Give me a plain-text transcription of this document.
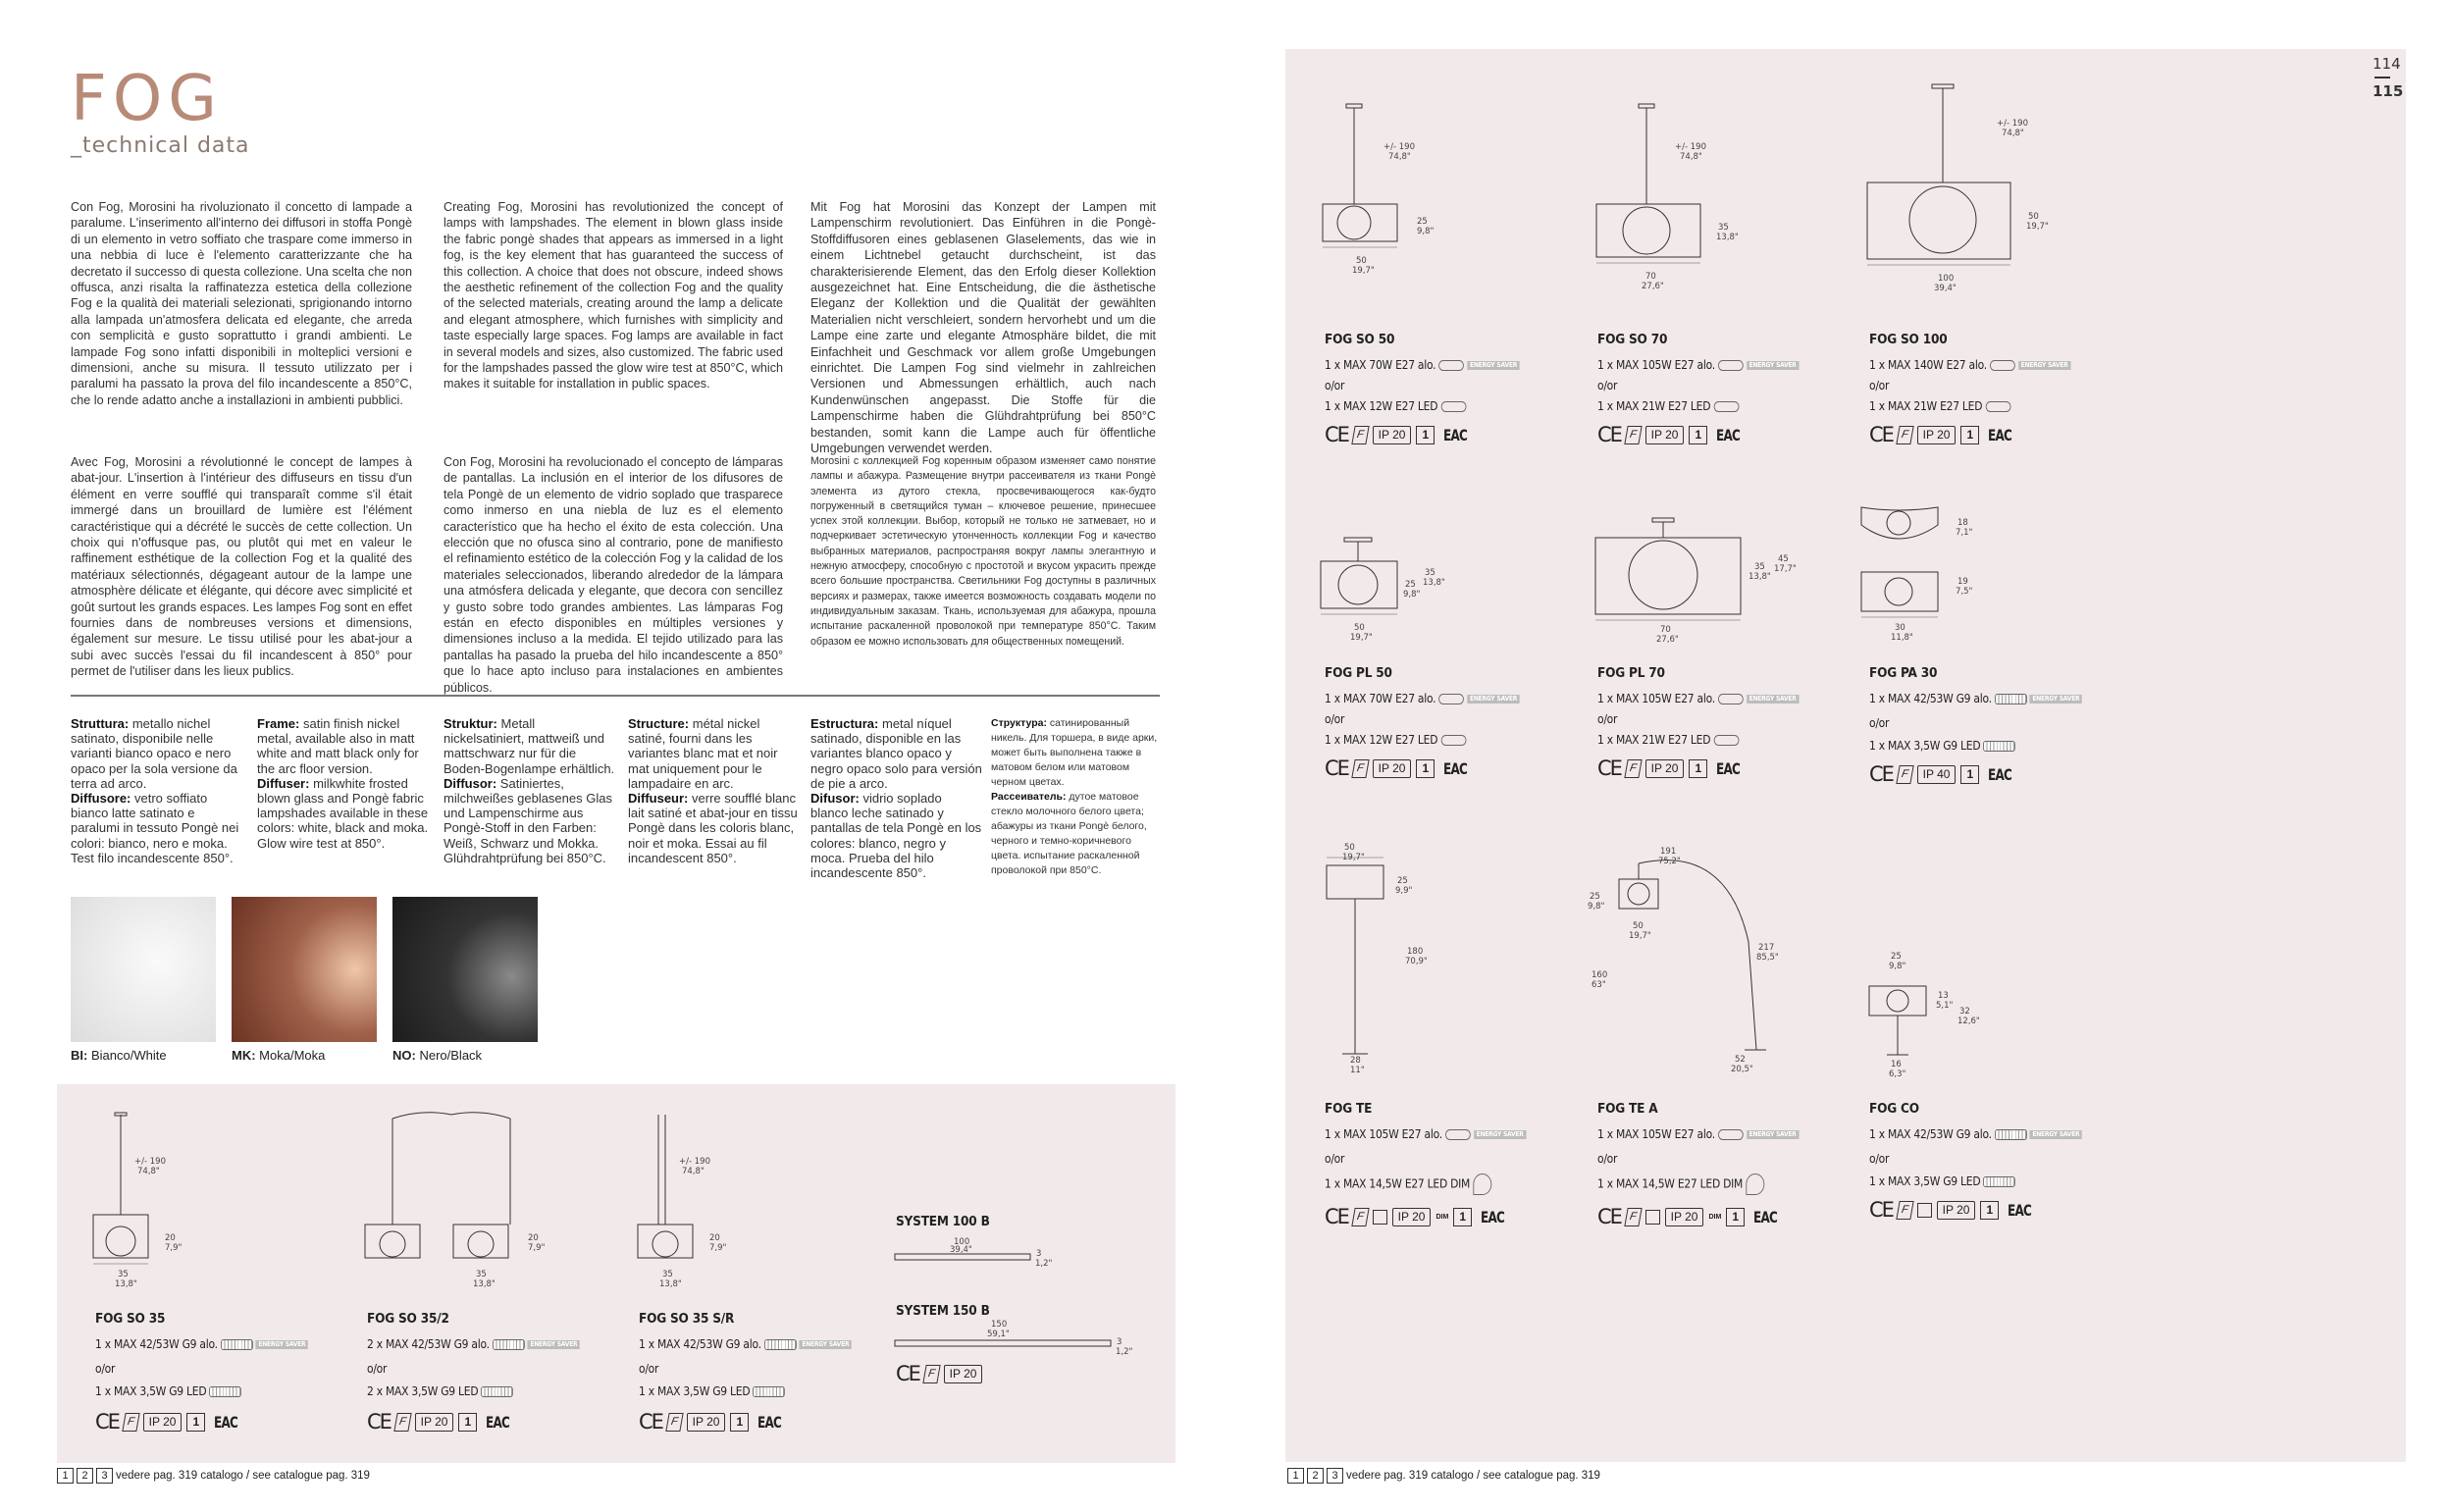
FOG
_technical data
Con Fog, Morosini ha rivoluzionato il concetto di lampade a paralume. L'inserimento all'interno dei diffusori in stoffa Pongè di un elemento in vetro soffiato che traspare come immerso in una nebbia di luce è l'elemento caratterizzante che ha decretato il successo di questa collezione. Una scelta che non offusca, anzi risalta la raffinatezza estetica della collezione Fog e la qualità dei materiali selezionati, sprigionando intorno alla lampada un'atmosfera delicata ed elegante, che arreda con semplicità e gusto soprattutto i grandi ambienti. Le lampade Fog sono infatti disponibili in molteplici versioni e dimensioni, anche su misura. Il tessuto utilizzato per i paralumi ha passato la prova del filo incandescente a 850°C, che lo rende adatto anche a installazioni in ambienti pubblici.
Creating Fog, Morosini has revolutionized the concept of lamps with lampshades. The element in blown glass inside the fabric pongè shades that appears as immersed in a light fog, is the key element that has guaranteed the success of this collection. A choice that does not obscure, indeed shows the aesthetic refinement of the collection Fog and the quality of the selected materials, creating around the lamp a delicate and elegant atmosphere, which furnishes with simplicity and taste especially large spaces. Fog lamps are available in fact in several models and sizes, also customized. The fabric used for the lampshades passed the glow wire test at 850°C, which makes it suitable for installation in public spaces.
Mit Fog hat Morosini das Konzept der Lampen mit Lampenschirm revolutioniert. Das Einführen in die Pongè-Stoffdiffusoren eines geblasenen Glaselements, das wie in einem Lichtnebel getaucht durchscheint, ist das charakterisierende Element, das den Erfolg dieser Kollektion ausgezeichnet hat. Eine Entscheidung, die die ästhetische Eleganz der Kollektion und die Qualität der gewählten Materialien nicht verschleiert, sondern hervorhebt und um die Lampe eine zarte und elegante Atmosphäre bildet, die mit Einfachheit und Geschmack vor allem große Umgebungen einrichtet. Die Lampen Fog sind vielmehr in zahlreichen Versionen und Abmessungen erhältlich, auch nach Kundenwünschen angepasst. Die Stoffe für die Lampenschirme haben die Glühdrahtprüfung bei 850°C bestanden, somit kann die Lampe auch für öffentliche Umgebungen verwendet werden.
Avec Fog, Morosini a révolutionné le concept de lampes à abat-jour. L'insertion à l'intérieur des diffuseurs en tissu d'un élément en verre soufflé qui transparaît comme s'il était immergé dans un brouillard de lumière est l'élément caractéristique qui a décrété le succès de cette collection. Un choix qui n'offusque pas, ou plutôt qui met en valeur le raffinement esthétique de la collection Fog et la qualité des matériaux sélectionnés, dégageant autour de la lampe une atmosphère délicate et élégante, qui décore avec simplicité et goût surtout les grands espaces. Les lampes Fog sont en effet fournies dans de nombreuses versions et dimensions, également sur mesure. Le tissu utilisé pour les abat-jour a subi avec succès l'essai du fil incandescent à 850° pour permet de l'utiliser dans les lieux publics.
Con Fog, Morosini ha revolucionado el concepto de lámparas de pantallas. La inclusión en el interior de los difusores de tela Pongè de un elemento de vidrio soplado que trasparece como inmerso en una niebla de luz es el elemento característico que ha hecho el éxito de esta colección. Una elección que no ofusca sino al contrario, pone de manifiesto el refinamiento estético de la colección Fog y la calidad de los materiales seleccionados, liberando alrededor de la lámpara una atmósfera delicada y elegante, que decora con sencillez y gusto sobre todo grandes ambientes. Las lámparas Fog están en efecto disponibles en múltiples versiones y dimensiones incluso a la medida. El tejido utilizado para las pantallas ha pasado la prueba del hilo incandescente a 850° que lo hace apto incluso para instalaciones en ambientes públicos.
Morosini с коллекцией Fog коренным образом изменяет само понятие лампы и абажура. Размещение внутри рассеивателя из ткани Pongè элемента из дутого стекла, просвечивающегося как-будто погруженный в светящийся туман – ключевое решение, принесшее успех этой коллекции. Выбор, который не только не затмевает, но и подчеркивает эстетическую утонченность коллекции Fog и качество выбранных материалов, распространяя вокруг лампы элегантную и нежную атмосферу, способную с простотой и вкусом украсить прежде всего большие пространства. Светильники Fog доступны в различных версиях и размерах, также имеется возможность создавать модели по индивидуальным заказам. Ткань, используемая для абажура, прошла испытание раскаленной проволокой при температуре 850°С. Таким образом ее можно использовать для общественных помещений.
Struttura: metallo nichel satinato, disponibile nelle varianti bianco opaco e nero opaco per la sola versione da terra ad arco.
Diffusore: vetro soffiato bianco latte satinato e paralumi in tessuto Pongè nei colori: bianco, nero e moka. Test filo incandescente 850°.
Frame: satin finish nickel metal, available also in matt white and matt black only for the arc floor version.
Diffuser: milkwhite frosted blown glass and Pongè fabric lampshades available in these colors: white, black and moka. Glow wire test at 850°.
Struktur: Metall nickelsatiniert, mattweiß und mattschwarz nur für die Boden-Bogenlampe erhältlich.
Diffusor: Satiniertes, milchweißes geblasenes Glas und Lampenschirme aus Pongè-Stoff in den Farben: Weiß, Schwarz und Mokka. Glühdrahtprüfung bei 850°C.
Structure: métal nickel satiné, fourni dans les variantes blanc mat et noir mat uniquement pour le lampadaire en arc.
Diffuseur: verre soufflé blanc lait satiné et abat-jour en tissu Pongè dans les coloris blanc, noir et moka. Essai au fil incandescent 850°.
Estructura: metal níquel satinado, disponible en las variantes blanco opaco y negro opaco solo para versión de pie a arco.
Difusor: vidrio soplado blanco leche satinado y pantallas de tela Pongè en los colores: blanco, negro y moca. Prueba del hilo incandescente 850°.
Структура: сатинированный никель. Для торшера, в виде арки, может быть выполнена также в матовом белом или матовом черном цветах.
Рассеиватель: дутое матовое стекло молочного белого цвета; абажуры из ткани Pongè белого, черного и темно-коричневого цвета. испытание раскаленной проволокой при 850°С.
BI: Bianco/White	MK: Moka/Moka	NO: Nero/Black
+/- 190
74,8"
20
7,9"
35
13,8"
20
7,9"
35
13,8"
+/- 190
74,8"
20
7,9"
35
13,8"
SYSTEM 100 B
100
39,4"	3
1,2"
SYSTEM 150 B
150
59,1"
3
1,2"
CE F	IP 20
FOG SO 35
1 x MAX 42/53W G9 alo.	ENERGY SAVER
o/or
1 x MAX 3,5W G9 LED
CE F	IP 20	1 EAC
FOG SO 35/2
2 x MAX 42/53W G9 alo.	ENERGY SAVER
o/or
2 x MAX 3,5W G9 LED
CE F	IP 20	1 EAC
FOG SO 35 S/R
1 x MAX 42/53W G9 alo.	ENERGY SAVER
o/or
1 x MAX 3,5W G9 LED
CE F	IP 20	1 EAC
1	2	3 vedere pag. 319 catalogo / see catalogue pag. 319
114
115
+/- 190
74,8"
25
9,8"
50
19,7"
+/- 190
74,8"
35
13,8"
70
27,6"
+/- 190
74,8"
50
19,7"
100
39,4"
FOG SO 50
1 x MAX 70W E27 alo.	ENERGY SAVER
o/or
1 x MAX 12W E27 LED
CE F	IP 20	1 EAC
FOG SO 70
1 x MAX 105W E27 alo.	ENERGY SAVER
o/or
1 x MAX 21W E27 LED
CE F	IP 20	1 EAC
FOG SO 100
1 x MAX 140W E27 alo.	ENERGY SAVER
o/or
1 x MAX 21W E27 LED
CE F	IP 20	1 EAC
25
9,8"
35
13,8"
50
19,7"
35
13,8"
45
17,7"
70
27,6"
18
7,1"
19
7,5"
30
11,8"
FOG PL 50
1 x MAX 70W E27 alo.	ENERGY SAVER
o/or
1 x MAX 12W E27 LED
CE F	IP 20	1 EAC
FOG PL 70
1 x MAX 105W E27 alo.	ENERGY SAVER
o/or
1 x MAX 21W E27 LED
CE F	IP 20	1 EAC
FOG PA 30
1 x MAX 42/53W G9 alo.	ENERGY SAVER
o/or
1 x MAX 3,5W G9 LED
CE F	IP 40	1 EAC
50
19,7"
25
9,9"
180
70,9"
28
11"
191
75,2"
25
9,8"
50
19,7"
160
63"
217
85,5"
52
20,5"
25
9,8"
13
5,1"
32
12,6"
16
6,3"
FOG TE
1 x MAX 105W E27 alo.	ENERGY SAVER
o/or
1 x MAX 14,5W E27 LED DIM
CE F	IP 20	DIM 1 EAC
FOG TE A
1 x MAX 105W E27 alo.	ENERGY SAVER
o/or
1 x MAX 14,5W E27 LED DIM
CE F	IP 20	DIM 1 EAC
FOG CO
1 x MAX 42/53W G9 alo.	ENERGY SAVER
o/or
1 x MAX 3,5W G9 LED
CE F	IP 20	1 EAC
1	2	3 vedere pag. 319 catalogo / see catalogue pag. 319
